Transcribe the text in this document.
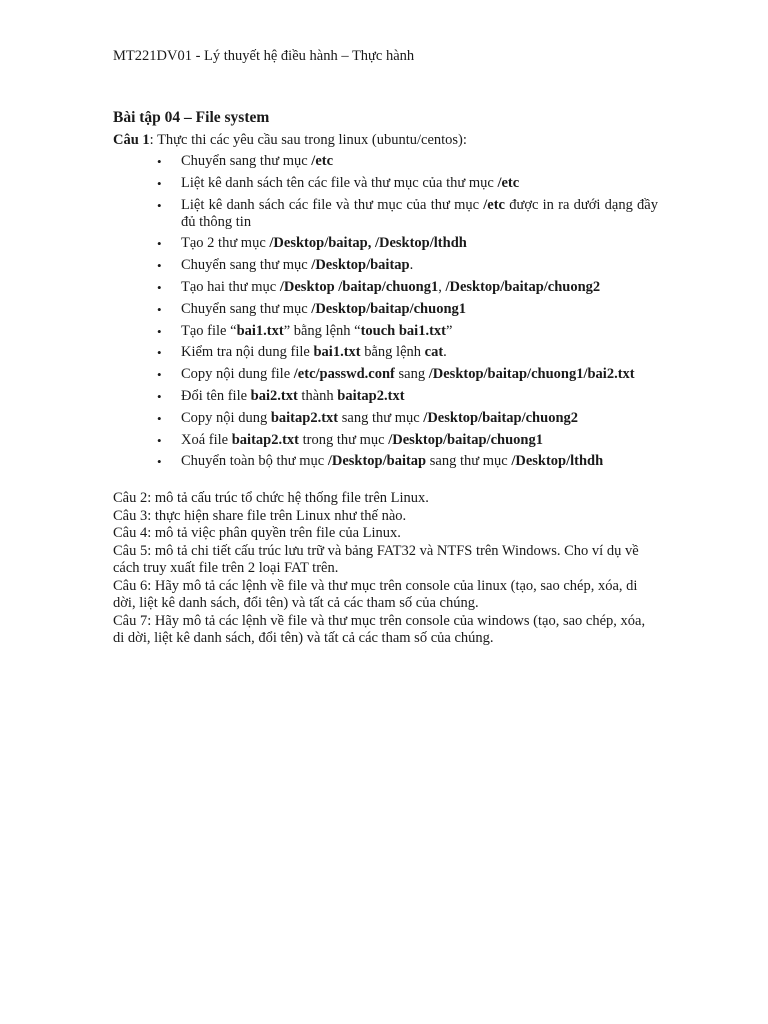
MT221DV01 - Lý thuyết hệ điều hành – Thực hành
Bài tập 04 – File system
Câu 1: Thực thi các yêu cầu sau trong linux (ubuntu/centos):
• Chuyển sang thư mục /etc
• Liệt kê danh sách tên các file và thư mục của thư mục /etc
• Liệt kê danh sách các file và thư mục của thư mục /etc được in ra dưới dạng đầy đủ thông tin
• Tạo 2 thư mục /Desktop/baitap, /Desktop/lthdh
• Chuyển sang thư mục /Desktop/baitap.
• Tạo hai thư mục /Desktop /baitap/chuong1, /Desktop/baitap/chuong2
• Chuyển sang thư mục /Desktop/baitap/chuong1
• Tạo file “bai1.txt” bằng lệnh “touch bai1.txt”
• Kiểm tra nội dung file bai1.txt bằng lệnh cat.
• Copy nội dung file /etc/passwd.conf sang /Desktop/baitap/chuong1/bai2.txt
• Đổi tên file bai2.txt thành baitap2.txt
• Copy nội dung baitap2.txt sang thư mục /Desktop/baitap/chuong2
• Xoá file baitap2.txt trong thư mục /Desktop/baitap/chuong1
• Chuyển toàn bộ thư mục /Desktop/baitap sang thư mục /Desktop/lthdh

Câu 2: mô tả cấu trúc tổ chức hệ thống file trên Linux.

Câu 3: thực hiện share file trên Linux như thế nào.

Câu 4: mô tả việc phân quyền trên file của Linux.

Câu 5: mô tả chi tiết cấu trúc lưu trữ và bảng FAT32 và NTFS trên Windows. Cho ví dụ về cách truy xuất file trên 2 loại FAT trên.

Câu 6: Hãy mô tả các lệnh về file và thư mục trên console của linux (tạo, sao chép, xóa, di dời, liệt kê danh sách, đổi tên) và tất cả các tham số của chúng.

Câu 7: Hãy mô tả các lệnh về file và thư mục trên console của windows (tạo, sao chép, xóa, di dời, liệt kê danh sách, đổi tên) và tất cả các tham số của chúng.
